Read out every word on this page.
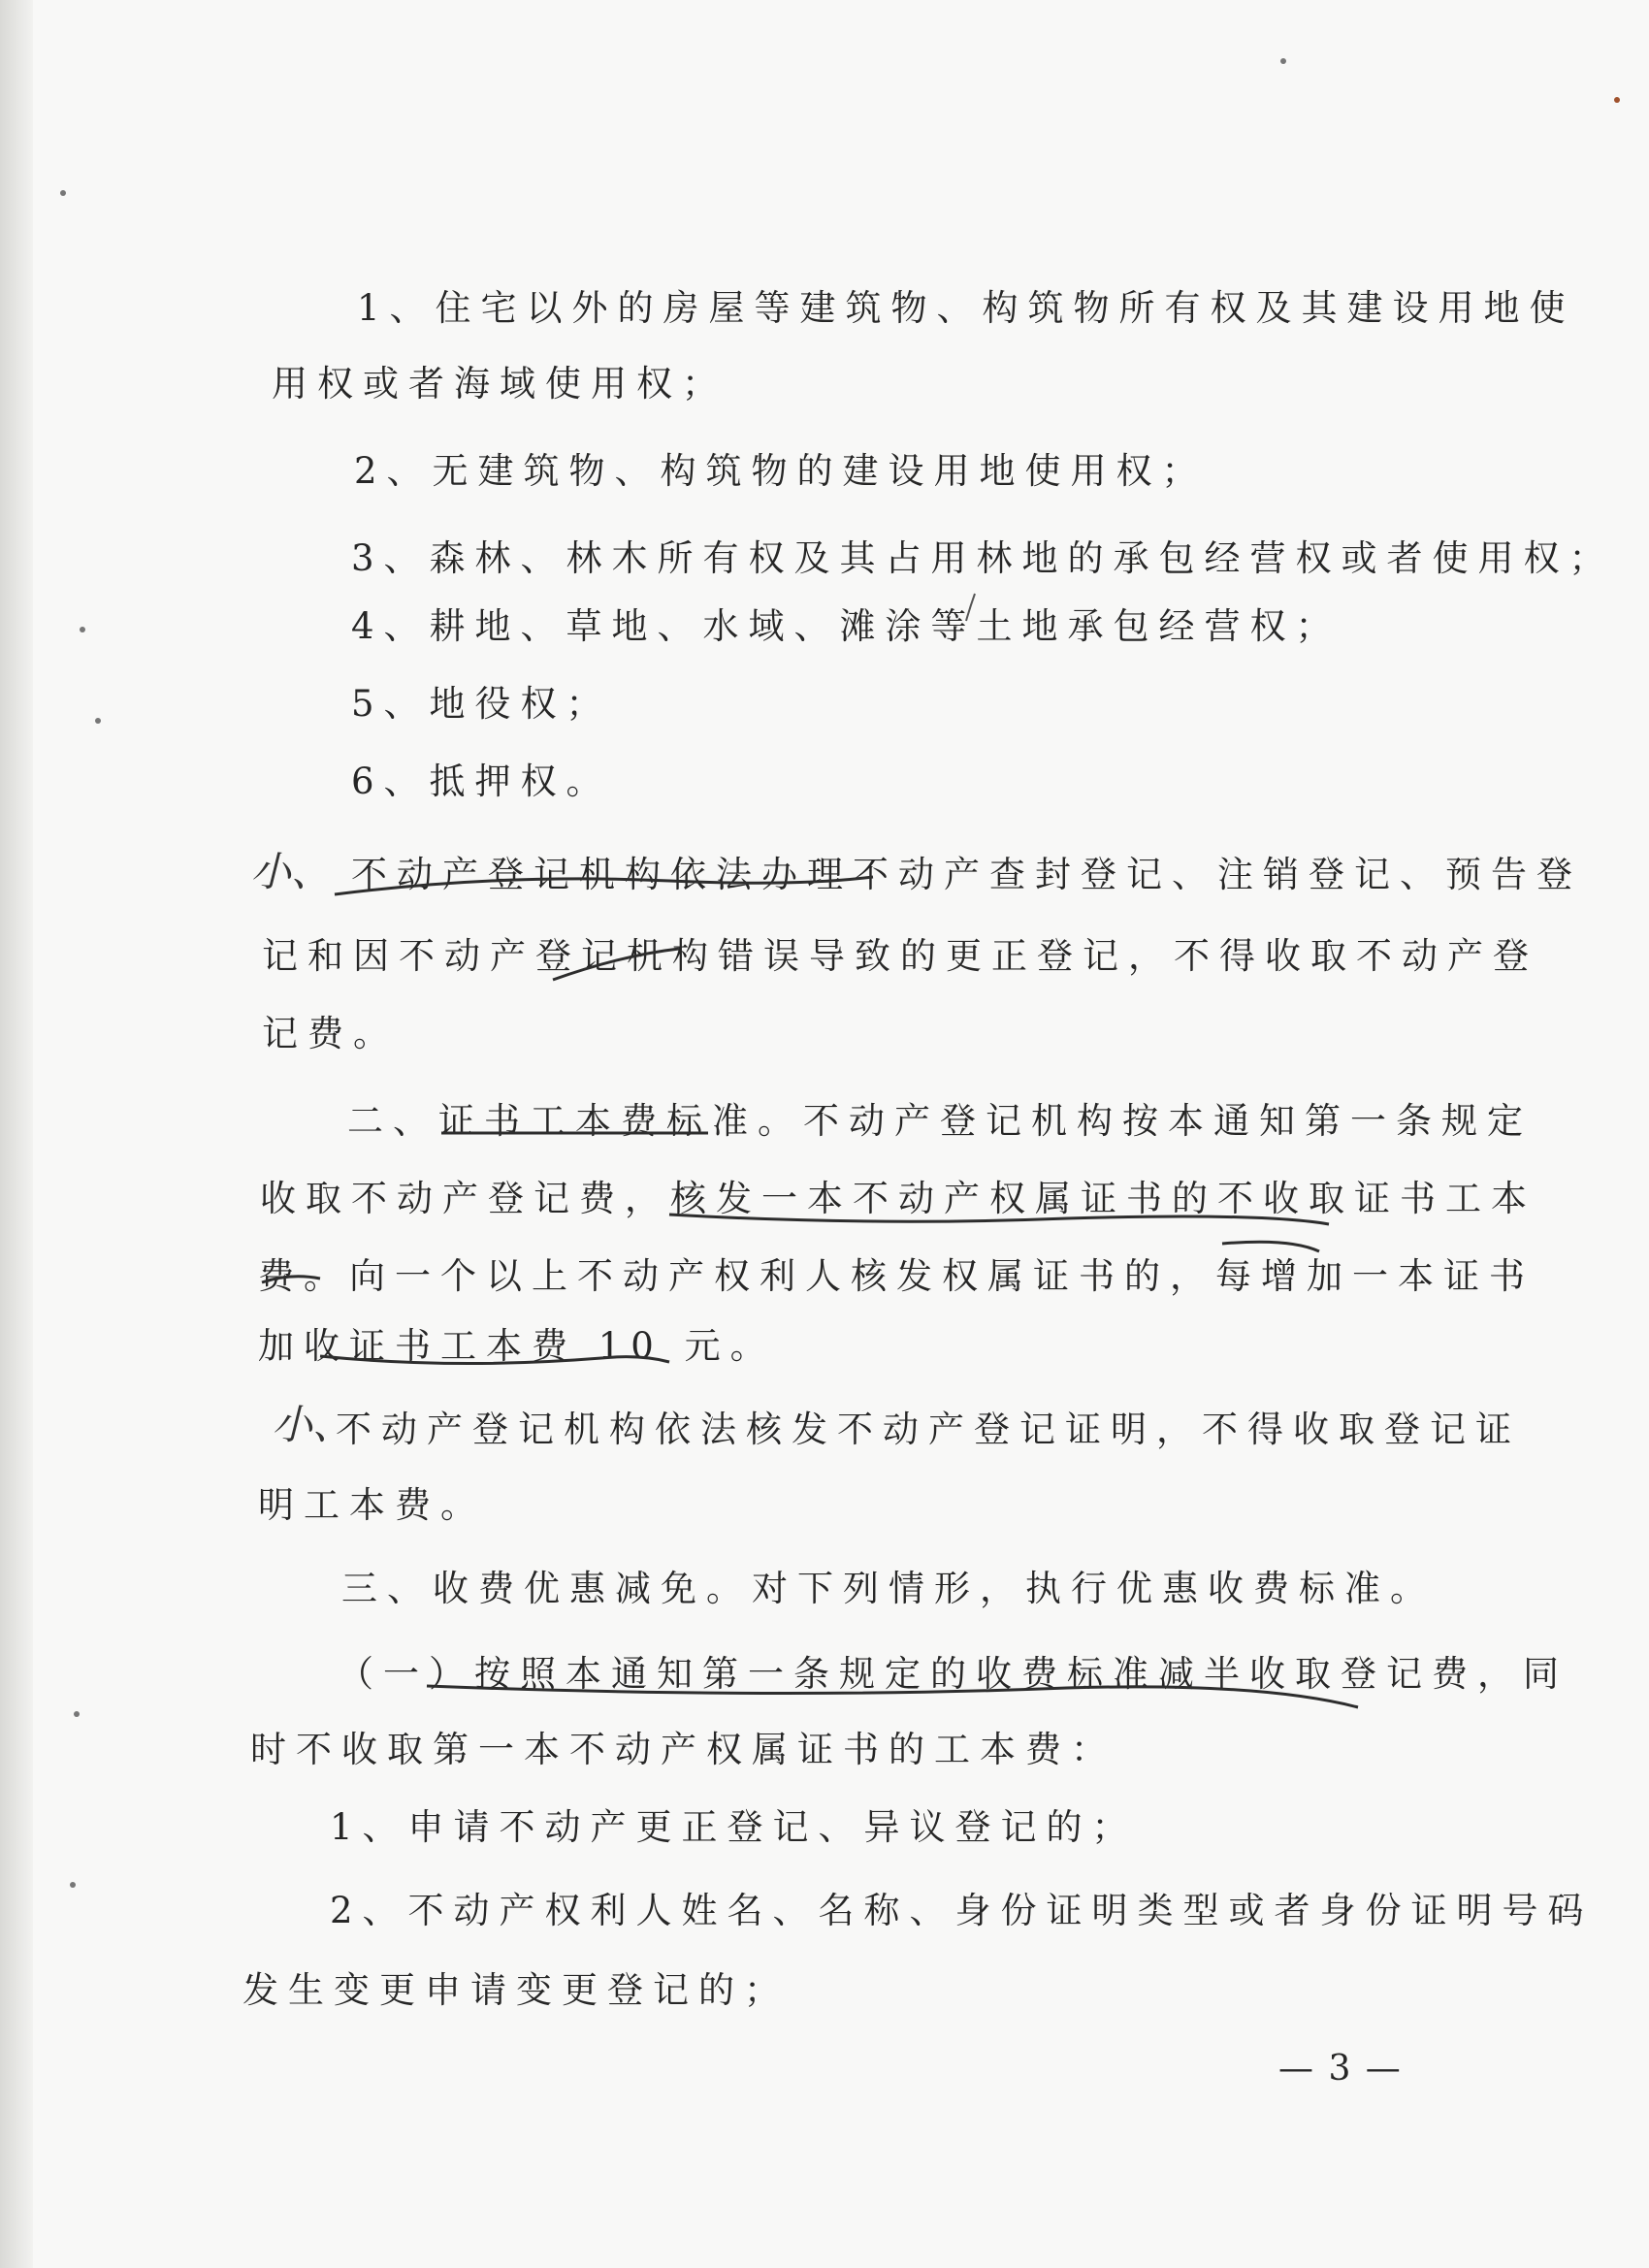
1、住宅以外的房屋等建筑物、构筑物所有权及其建设用地使
用权或者海域使用权；
2、无建筑物、构筑物的建设用地使用权；
3、森林、林木所有权及其占用林地的承包经营权或者使用权；
4、耕地、草地、水域、滩涂等土地承包经营权；
5、地役权；
6、抵押权。
不动产登记机构依法办理不动产查封登记、注销登记、预告登
记和因不动产登记机构错误导致的更正登记，不得收取不动产登
记费。
二、证书工本费标准。不动产登记机构按本通知第一条规定
收取不动产登记费，核发一本不动产权属证书的不收取证书工本
费。向一个以上不动产权利人核发权属证书的，每增加一本证书
加收证书工本费 10 元。
不动产登记机构依法核发不动产登记证明，不得收取登记证
明工本费。
三、收费优惠减免。对下列情形，执行优惠收费标准。
（一）按照本通知第一条规定的收费标准减半收取登记费，同
时不收取第一本不动产权属证书的工本费：
1、申请不动产更正登记、异议登记的；
2、不动产权利人姓名、名称、身份证明类型或者身份证明号码
发生变更申请变更登记的；
小、
小、
— 3 —
